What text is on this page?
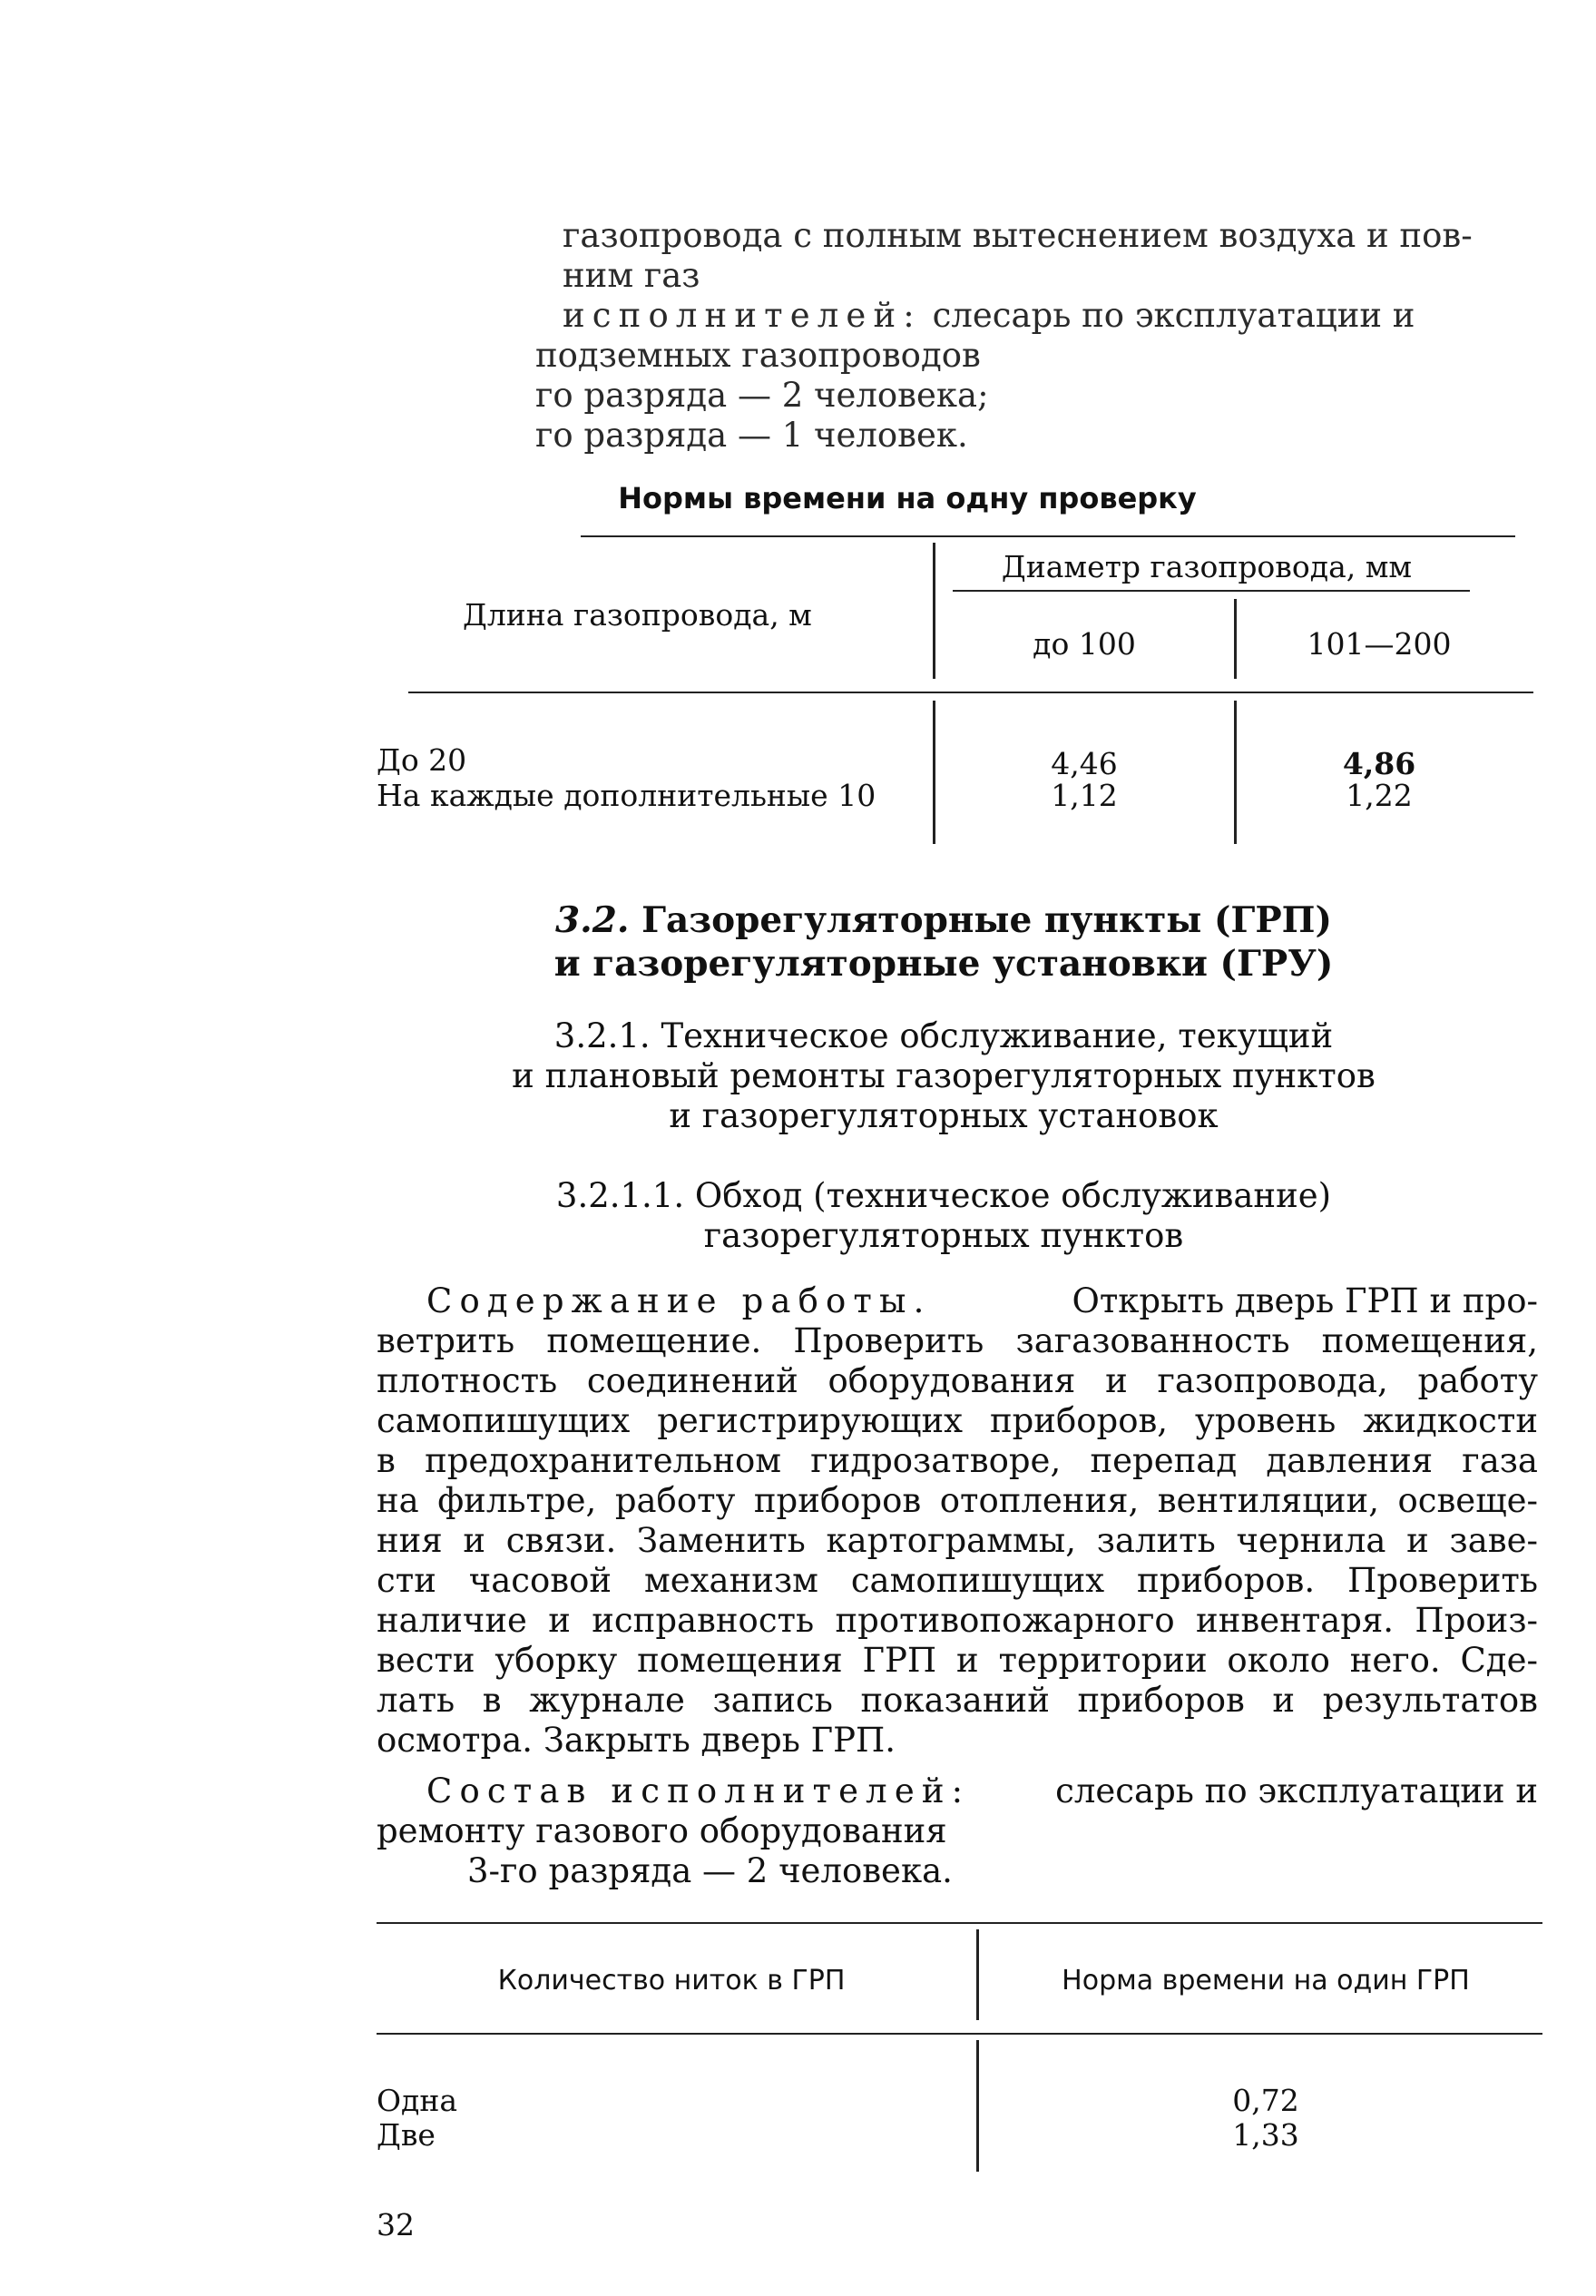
газопровода с полным вытеснением воздуха и пов-
ним газ
исполнителей: слесарь по эксплуатации и
подземных газопроводов
го разряда — 2 человека;
го разряда — 1 человек.
Нормы времени на одну проверку
Длина газопровода, м
Диаметр газопровода, мм
до 100	101—200
До 20	4,46	4,86
На каждые дополнительные 10	1,12	1,22
3.2. Газорегуляторные пункты (ГРП)
и газорегуляторные установки (ГРУ)
3.2.1. Техническое обслуживание, текущий
и плановый ремонты газорегуляторных пунктов
и газорегуляторных установок
3.2.1.1. Обход (техническое обслуживание)
газорегуляторных пунктов
Содержание работы.	Открыть дверь ГРП и про-
ветрить помещение. Проверить загазованность помещения,
плотность соединений оборудования и газопровода, работу
самопишущих регистрирующих приборов, уровень жидкости
в предохранительном гидрозатворе, перепад давления газа
на фильтре, работу приборов отопления, вентиляции, освеще-
ния и связи. Заменить картограммы, залить чернила и заве-
сти часовой механизм самопишущих приборов. Проверить
наличие и исправность противопожарного инвентаря. Произ-
вести уборку помещения ГРП и территории около него. Сде-
лать в журнале запись показаний приборов и результатов
осмотра. Закрыть дверь ГРП.
Состав исполнителей:	слесарь по эксплуатации и
ремонту газового оборудования
3-го разряда — 2 человека.
Количество ниток в ГРП	Норма времени на один ГРП
Одна	0,72
Две	1,33
32
